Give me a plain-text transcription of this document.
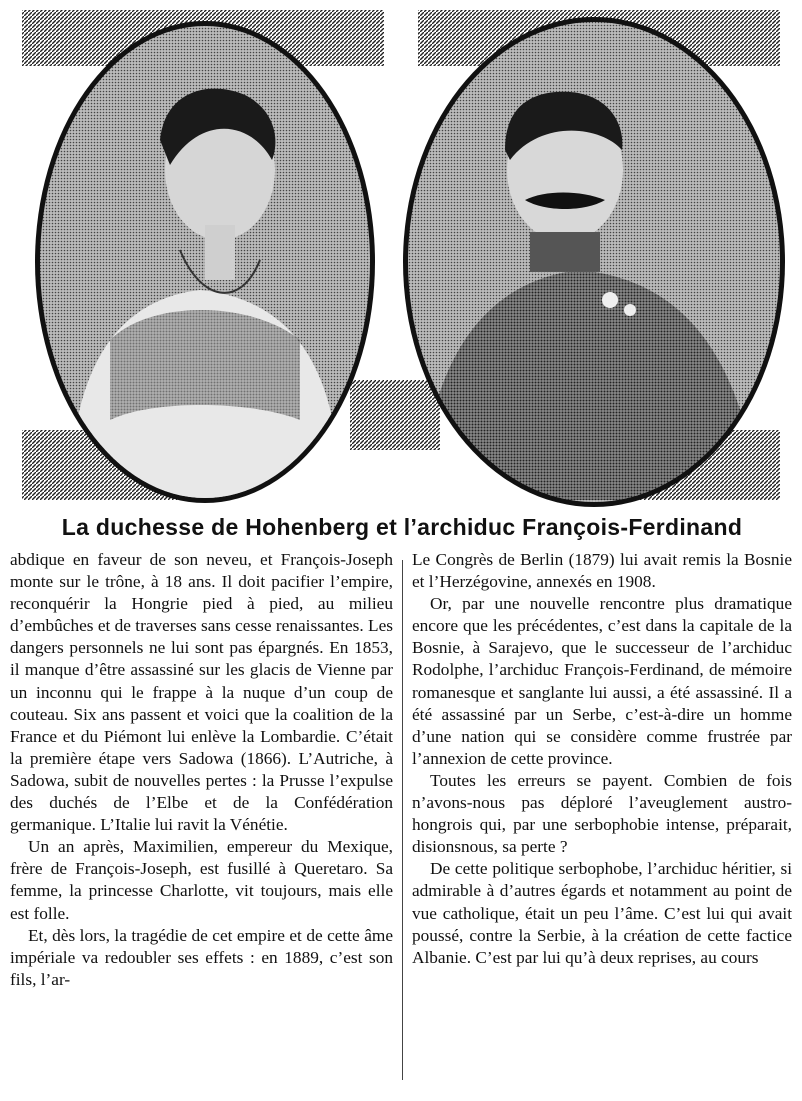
La duchesse de Hohenberg et l’archiduc François-Ferdinand

abdique en faveur de son neveu, et François-Joseph monte sur le trône, à 18 ans. Il doit pacifier l’empire, reconquérir la Hongrie pied à pied, au milieu d’embûches et de traverses sans cesse renaissantes. Les dangers personnels ne lui sont pas épargnés. En 1853, il manque d’être assassiné sur les glacis de Vienne par un inconnu qui le frappe à la nuque d’un coup de couteau. Six ans passent et voici que la coalition de la France et du Piémont lui enlève la Lombardie. C’était la première étape vers Sadowa (1866). L’Autriche, à Sadowa, subit de nouvelles pertes : la Prusse l’expulse des duchés de l’Elbe et de la Confédération germanique. L’Italie lui ravit la Vénétie.

Un an après, Maximilien, empereur du Mexique, frère de François-Joseph, est fusillé à Queretaro. Sa femme, la princesse Charlotte, vit toujours, mais elle est folle.

Et, dès lors, la tragédie de cet empire et de cette âme impériale va redoubler ses effets : en 1889, c’est son fils, l’ar-

Le Congrès de Berlin (1879) lui avait remis la Bosnie et l’Herzégovine, annexés en 1908.

Or, par une nouvelle rencontre plus dramatique encore que les précédentes, c’est dans la capitale de la Bosnie, à Sarajevo, que le successeur de l’archiduc Rodolphe, l’archiduc François-Ferdinand, de mémoire romanesque et sanglante lui aussi, a été assassiné. Il a été assassiné par un Serbe, c’est-à-dire un homme d’une nation qui se considère comme frustrée par l’annexion de cette province.

Toutes les erreurs se payent. Combien de fois n’avons-nous pas déploré l’aveuglement austro-hongrois qui, par une serbophobie intense, préparait, disionsnous, sa perte ?

De cette politique serbophobe, l’archiduc héritier, si admirable à d’autres égards et notamment au point de vue catholique, était un peu l’âme. C’est lui qui avait poussé, contre la Serbie, à la création de cette factice Albanie. C’est par lui qu’à deux reprises, au cours
